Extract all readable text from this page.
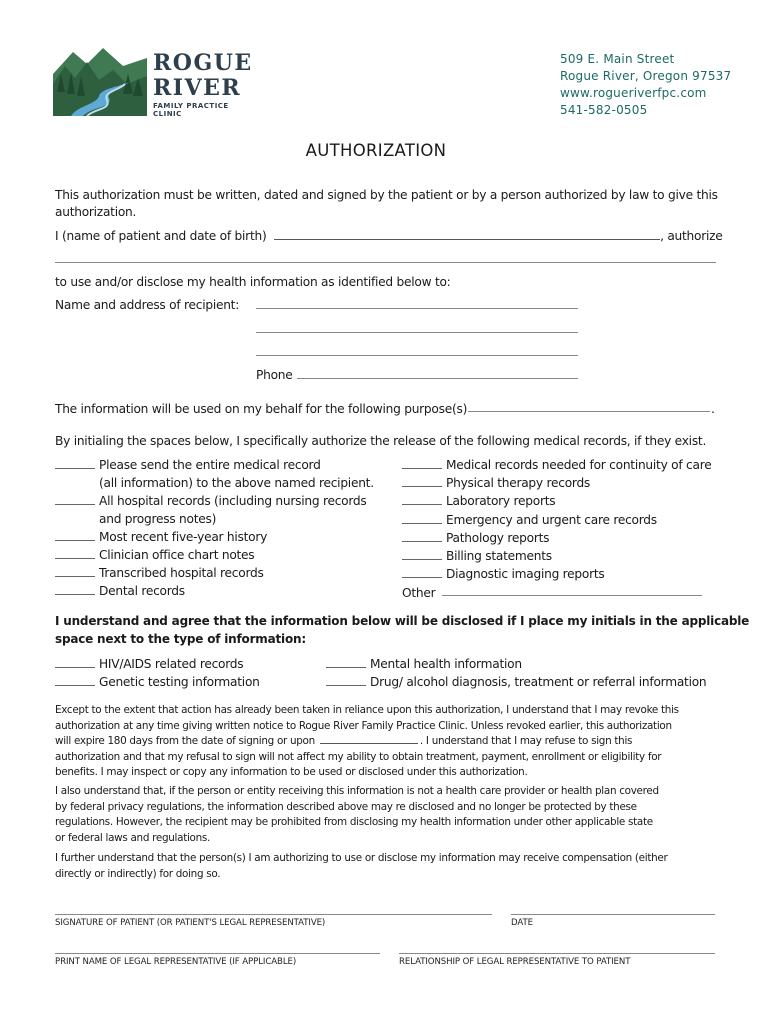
ROGUE
RIVER
FAMILY PRACTICE CLINIC
509 E. Main Street
Rogue River, Oregon 97537
www.rogueriverfpc.com
541-582-0505
AUTHORIZATION
This authorization must be written, dated and signed by the patient or by a person authorized by law to give this
authorization.
I (name of patient and date of birth)	, authorize
to use and/or disclose my health information as identified below to:
Name and address of recipient:
Phone
The information will be used on my behalf for the following purpose(s)	.
By initialing the spaces below, I specifically authorize the release of the following medical records, if they exist.
Please send the entire medical record
(all information) to the above named recipient.
All hospital records (including nursing records
and progress notes)
Most recent five-year history
Clinician office chart notes
Transcribed hospital records
Dental records
Medical records needed for continuity of care
Physical therapy records
Laboratory reports
Emergency and urgent care records
Pathology reports
Billing statements
Diagnostic imaging reports
Other
I understand and agree that the information below will be disclosed if I place my initials in the applicable
space next to the type of information:
HIV/AIDS related records
Genetic testing information
Mental health information
Drug/ alcohol diagnosis, treatment or referral information
Except to the extent that action has already been taken in reliance upon this authorization, I understand that I may revoke this
authorization at any time giving written notice to Rogue River Family Practice Clinic. Unless revoked earlier, this authorization
will expire 180 days from the date of signing or upon	. I understand that I may refuse to sign this
authorization and that my refusal to sign will not affect my ability to obtain treatment, payment, enrollment or eligibility for
benefits. I may inspect or copy any information to be used or disclosed under this authorization.
I also understand that, if the person or entity receiving this information is not a health care provider or health plan covered
by federal privacy regulations, the information described above may re disclosed and no longer be protected by these
regulations. However, the recipient may be prohibited from disclosing my health information under other applicable state
or federal laws and regulations.
I further understand that the person(s) I am authorizing to use or disclose my information may receive compensation (either
directly or indirectly) for doing so.
SIGNATURE OF PATIENT (OR PATIENT'S LEGAL REPRESENTATIVE)	DATE
PRINT NAME OF LEGAL REPRESENTATIVE (IF APPLICABLE)	RELATIONSHIP OF LEGAL REPRESENTATIVE TO PATIENT
